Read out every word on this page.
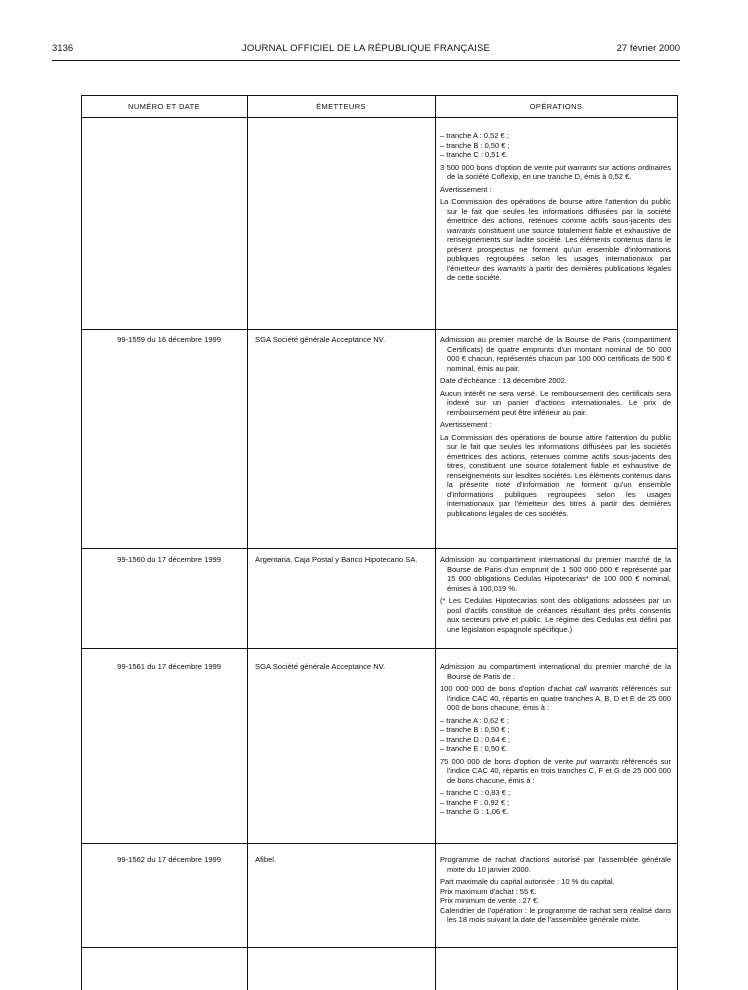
3136	JOURNAL OFFICIEL DE LA RÉPUBLIQUE FRANÇAISE	27 février 2000
NUMÉRO ET DATE	ÉMETTEURS	OPÉRATIONS

– tranche A : 0,52 € ;

– tranche B : 0,50 € ;

– tranche C : 0,51 €.

3 500 000 bons d'option de vente put warrants sur actions ordinaires de la société Coflexip, en une tranche D, émis à 0,52 €.

Avertissement :

La Commission des opérations de bourse attire l'attention du public sur le fait que seules les informations diffusées par la société émettrice des actions, retenues comme actifs sous-jacents des warrants constituent une source totalement fiable et exhaustive de renseignements sur ladite société. Les éléments contenus dans le présent prospectus ne forment qu'un ensemble d'informations publiques regroupées selon les usages internationaux par l'émetteur des warrants à partir des dernières publications légales de cette société.

99-1559 du 16 décembre 1999	SGA Société générale Acceptance NV.	Admission au premier marché de la Bourse de Paris (compartiment Certificats) de quatre emprunts d'un montant nominal de 50 000 000 € chacun, représentés chacun par 100 000 certificats de 500 € nominal, émis au pair.

Date d'échéance : 13 décembre 2002.

Aucun intérêt ne sera versé. Le remboursement des certificats sera indexé sur un panier d'actions internationales. Le prix de remboursement peut être inférieur au pair.

Avertissement :

La Commission des opérations de bourse attire l'attention du public sur le fait que seules les informations diffusées par les sociétés émettrices des actions, retenues comme actifs sous-jacents des titres, constituent une source totalement fiable et exhaustive de renseignements sur lesdites sociétés. Les éléments contenus dans la présente note d'information ne forment qu'un ensemble d'informations publiques regroupées selon les usages internationaux par l'émetteur des titres à partir des dernières publications légales de ces sociétés.

99-1560 du 17 décembre 1999	Argentaria, Caja Postal y Banco Hipotecario SA.	Admission au compartiment international du premier marché de la Bourse de Paris d'un emprunt de 1 500 000 000 € représenté par 15 000 obligations Cedulas Hipotecarias* de 100 000 € nominal, émises à 100,019 %.

(* Les Cedulas Hipotecarias sont des obligations adossées par un pool d'actifs constitué de créances résultant des prêts consentis aux secteurs privé et public. Le régime des Cedulas est défini par une législation espagnole spécifique.)

99-1561 du 17 décembre 1999	SGA Société générale Acceptance NV.	Admission au compartiment international du premier marché de la Bourse de Paris de :

100 000 000 de bons d'option d'achat call warrants référencés sur l'indice CAC 40, répartis en quatre tranches A, B, D et E de 25 000 000 de bons chacune, émis à :

– tranche A : 0,62 € ;

– tranche B : 0,50 € ;

– tranche D : 0,64 € ;

– tranche E : 0,50 €.

75 000 000 de bons d'option de vente put warrants référencés sur l'indice CAC 40, répartis en trois tranches C, F et G de 25 000 000 de bons chacune, émis à :

– tranche C : 0,83 € ;

– tranche F : 0,92 € ;

– tranche G : 1,06 €.

99-1562 du 17 décembre 1999	Afibel.	Programme de rachat d'actions autorisé par l'assemblée générale mixte du 10 janvier 2000.

Part maximale du capital autorisée : 10 % du capital.

Prix maximum d'achat : 55 €.

Prix minimum de vente : 27 €.

Calendrier de l'opération : le programme de rachat sera réalisé dans les 18 mois suivant la date de l'assemblée générale mixte.
